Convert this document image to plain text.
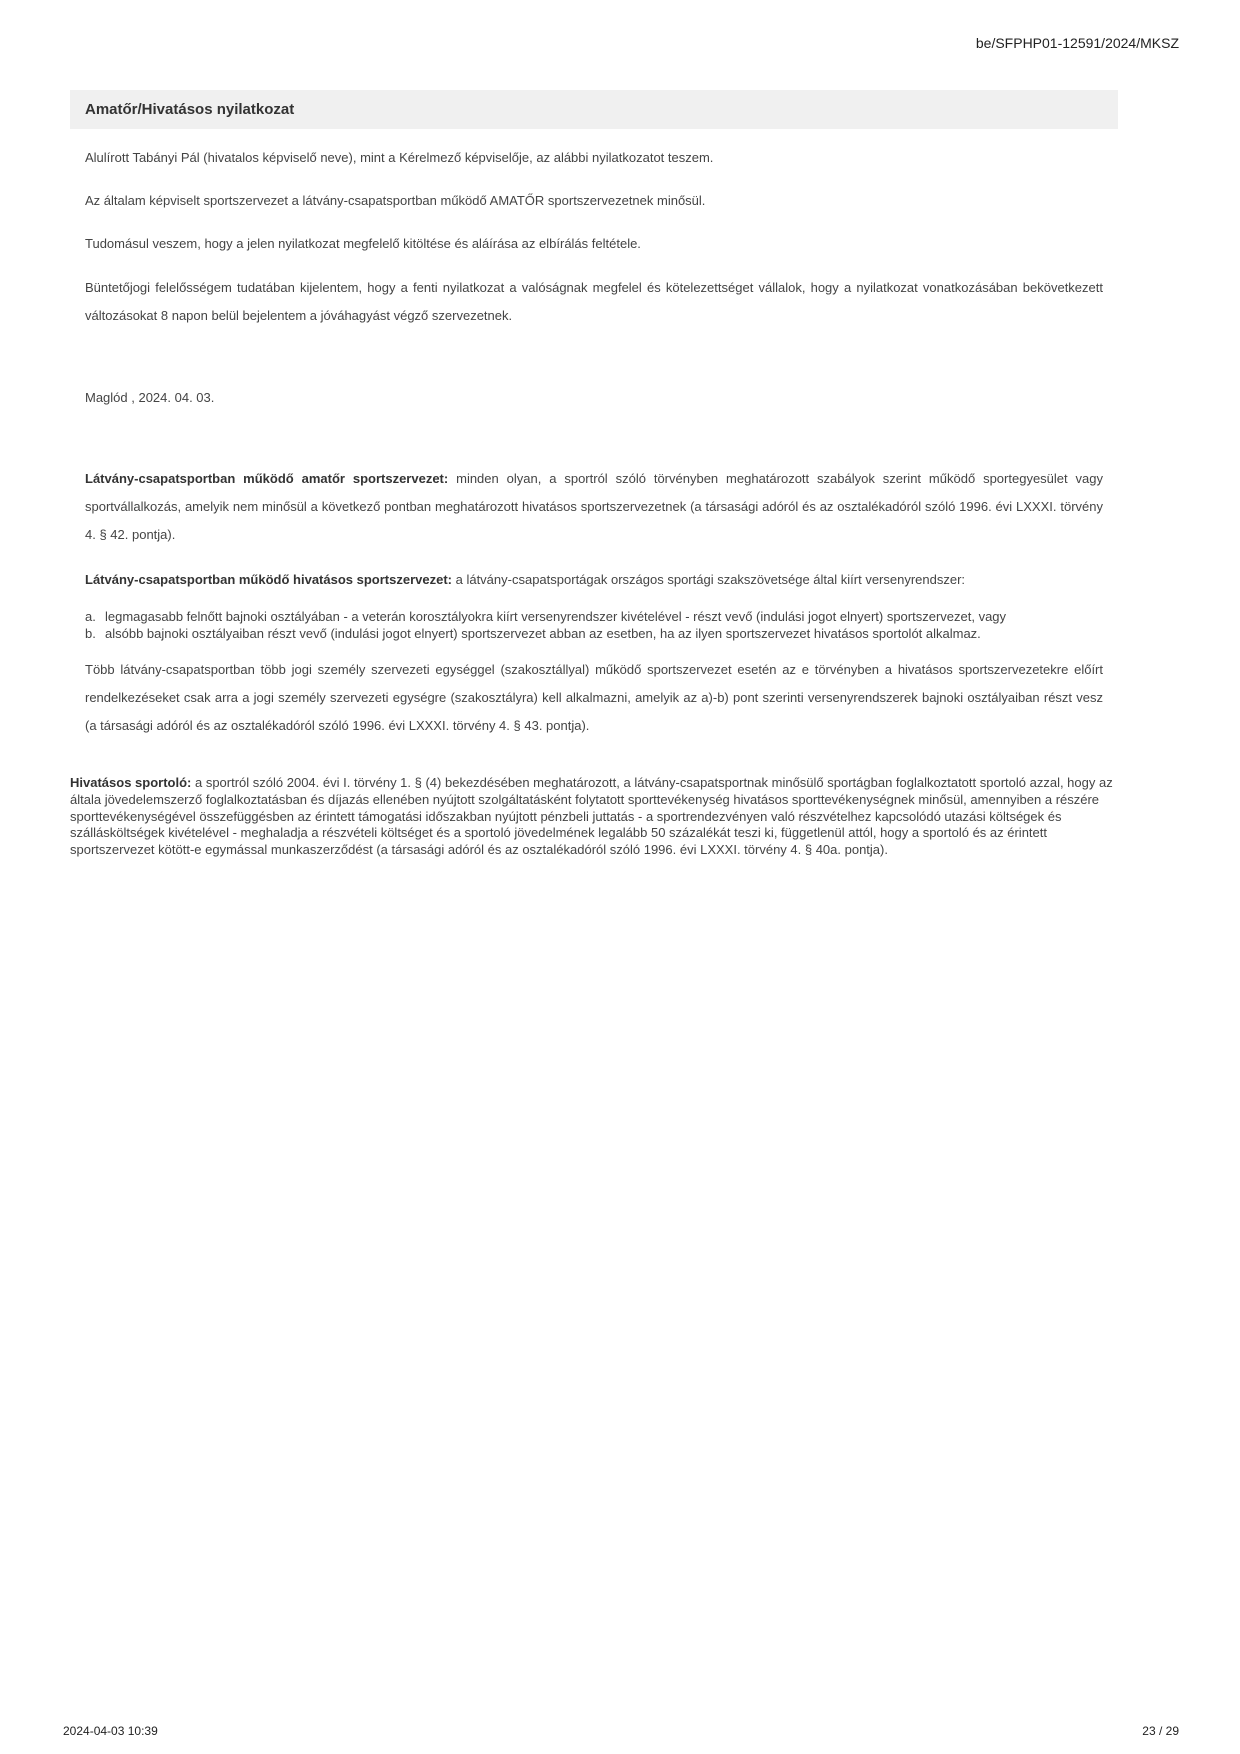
be/SFPHP01-12591/2024/MKSZ
Amatőr/Hivatásos nyilatkozat

Alulírott Tabányi Pál (hivatalos képviselő neve), mint a Kérelmező képviselője, az alábbi nyilatkozatot teszem.

Az általam képviselt sportszervezet a látvány-csapatsportban működő AMATŐR sportszervezetnek minősül.

Tudomásul veszem, hogy a jelen nyilatkozat megfelelő kitöltése és aláírása az elbírálás feltétele.

Büntetőjogi felelősségem tudatában kijelentem, hogy a fenti nyilatkozat a valóságnak megfelel és kötelezettséget vállalok, hogy a nyilatkozat vonatkozásában bekövetkezett változásokat 8 napon belül bejelentem a jóváhagyást végző szervezetnek.

Maglód , 2024. 04. 03.

Látvány-csapatsportban működő amatőr sportszervezet: minden olyan, a sportról szóló törvényben meghatározott szabályok szerint működő sportegyesület vagy sportvállalkozás, amelyik nem minősül a következő pontban meghatározott hivatásos sportszervezetnek (a társasági adóról és az osztalékadóról szóló 1996. évi LXXXI. törvény 4. § 42. pontja).

Látvány-csapatsportban működő hivatásos sportszervezet: a látvány-csapatsportágak országos sportági szakszövetsége által kiírt versenyrendszer:

a. legmagasabb felnőtt bajnoki osztályában - a veterán korosztályokra kiírt versenyrendszer kivételével - részt vevő (indulási jogot elnyert) sportszervezet, vagy
b. alsóbb bajnoki osztályaiban részt vevő (indulási jogot elnyert) sportszervezet abban az esetben, ha az ilyen sportszervezet hivatásos sportolót alkalmaz.

Több látvány-csapatsportban több jogi személy szervezeti egységgel (szakosztállyal) működő sportszervezet esetén az e törvényben a hivatásos sportszervezetekre előírt rendelkezéseket csak arra a jogi személy szervezeti egységre (szakosztályra) kell alkalmazni, amelyik az a)-b) pont szerinti versenyrendszerek bajnoki osztályaiban részt vesz (a társasági adóról és az osztalékadóról szóló 1996. évi LXXXI. törvény 4. § 43. pontja).

Hivatásos sportoló: a sportról szóló 2004. évi I. törvény 1. § (4) bekezdésében meghatározott, a látvány-csapatsportnak minősülő sportágban foglalkoztatott sportoló azzal, hogy az általa jövedelemszerző foglalkoztatásban és díjazás ellenében nyújtott szolgáltatásként folytatott sporttevékenység hivatásos sporttevékenységnek minősül, amennyiben a részére sporttevékenységével összefüggésben az érintett támogatási időszakban nyújtott pénzbeli juttatás - a sportrendezvényen való részvételhez kapcsolódó utazási költségek és szállásköltségek kivételével - meghaladja a részvételi költséget és a sportoló jövedelmének legalább 50 százalékát teszi ki, függetlenül attól, hogy a sportoló és az érintett sportszervezet kötött-e egymással munkaszerződést (a társasági adóról és az osztalékadóról szóló 1996. évi LXXXI. törvény 4. § 40a. pontja).
2024-04-03 10:39	23 / 29
